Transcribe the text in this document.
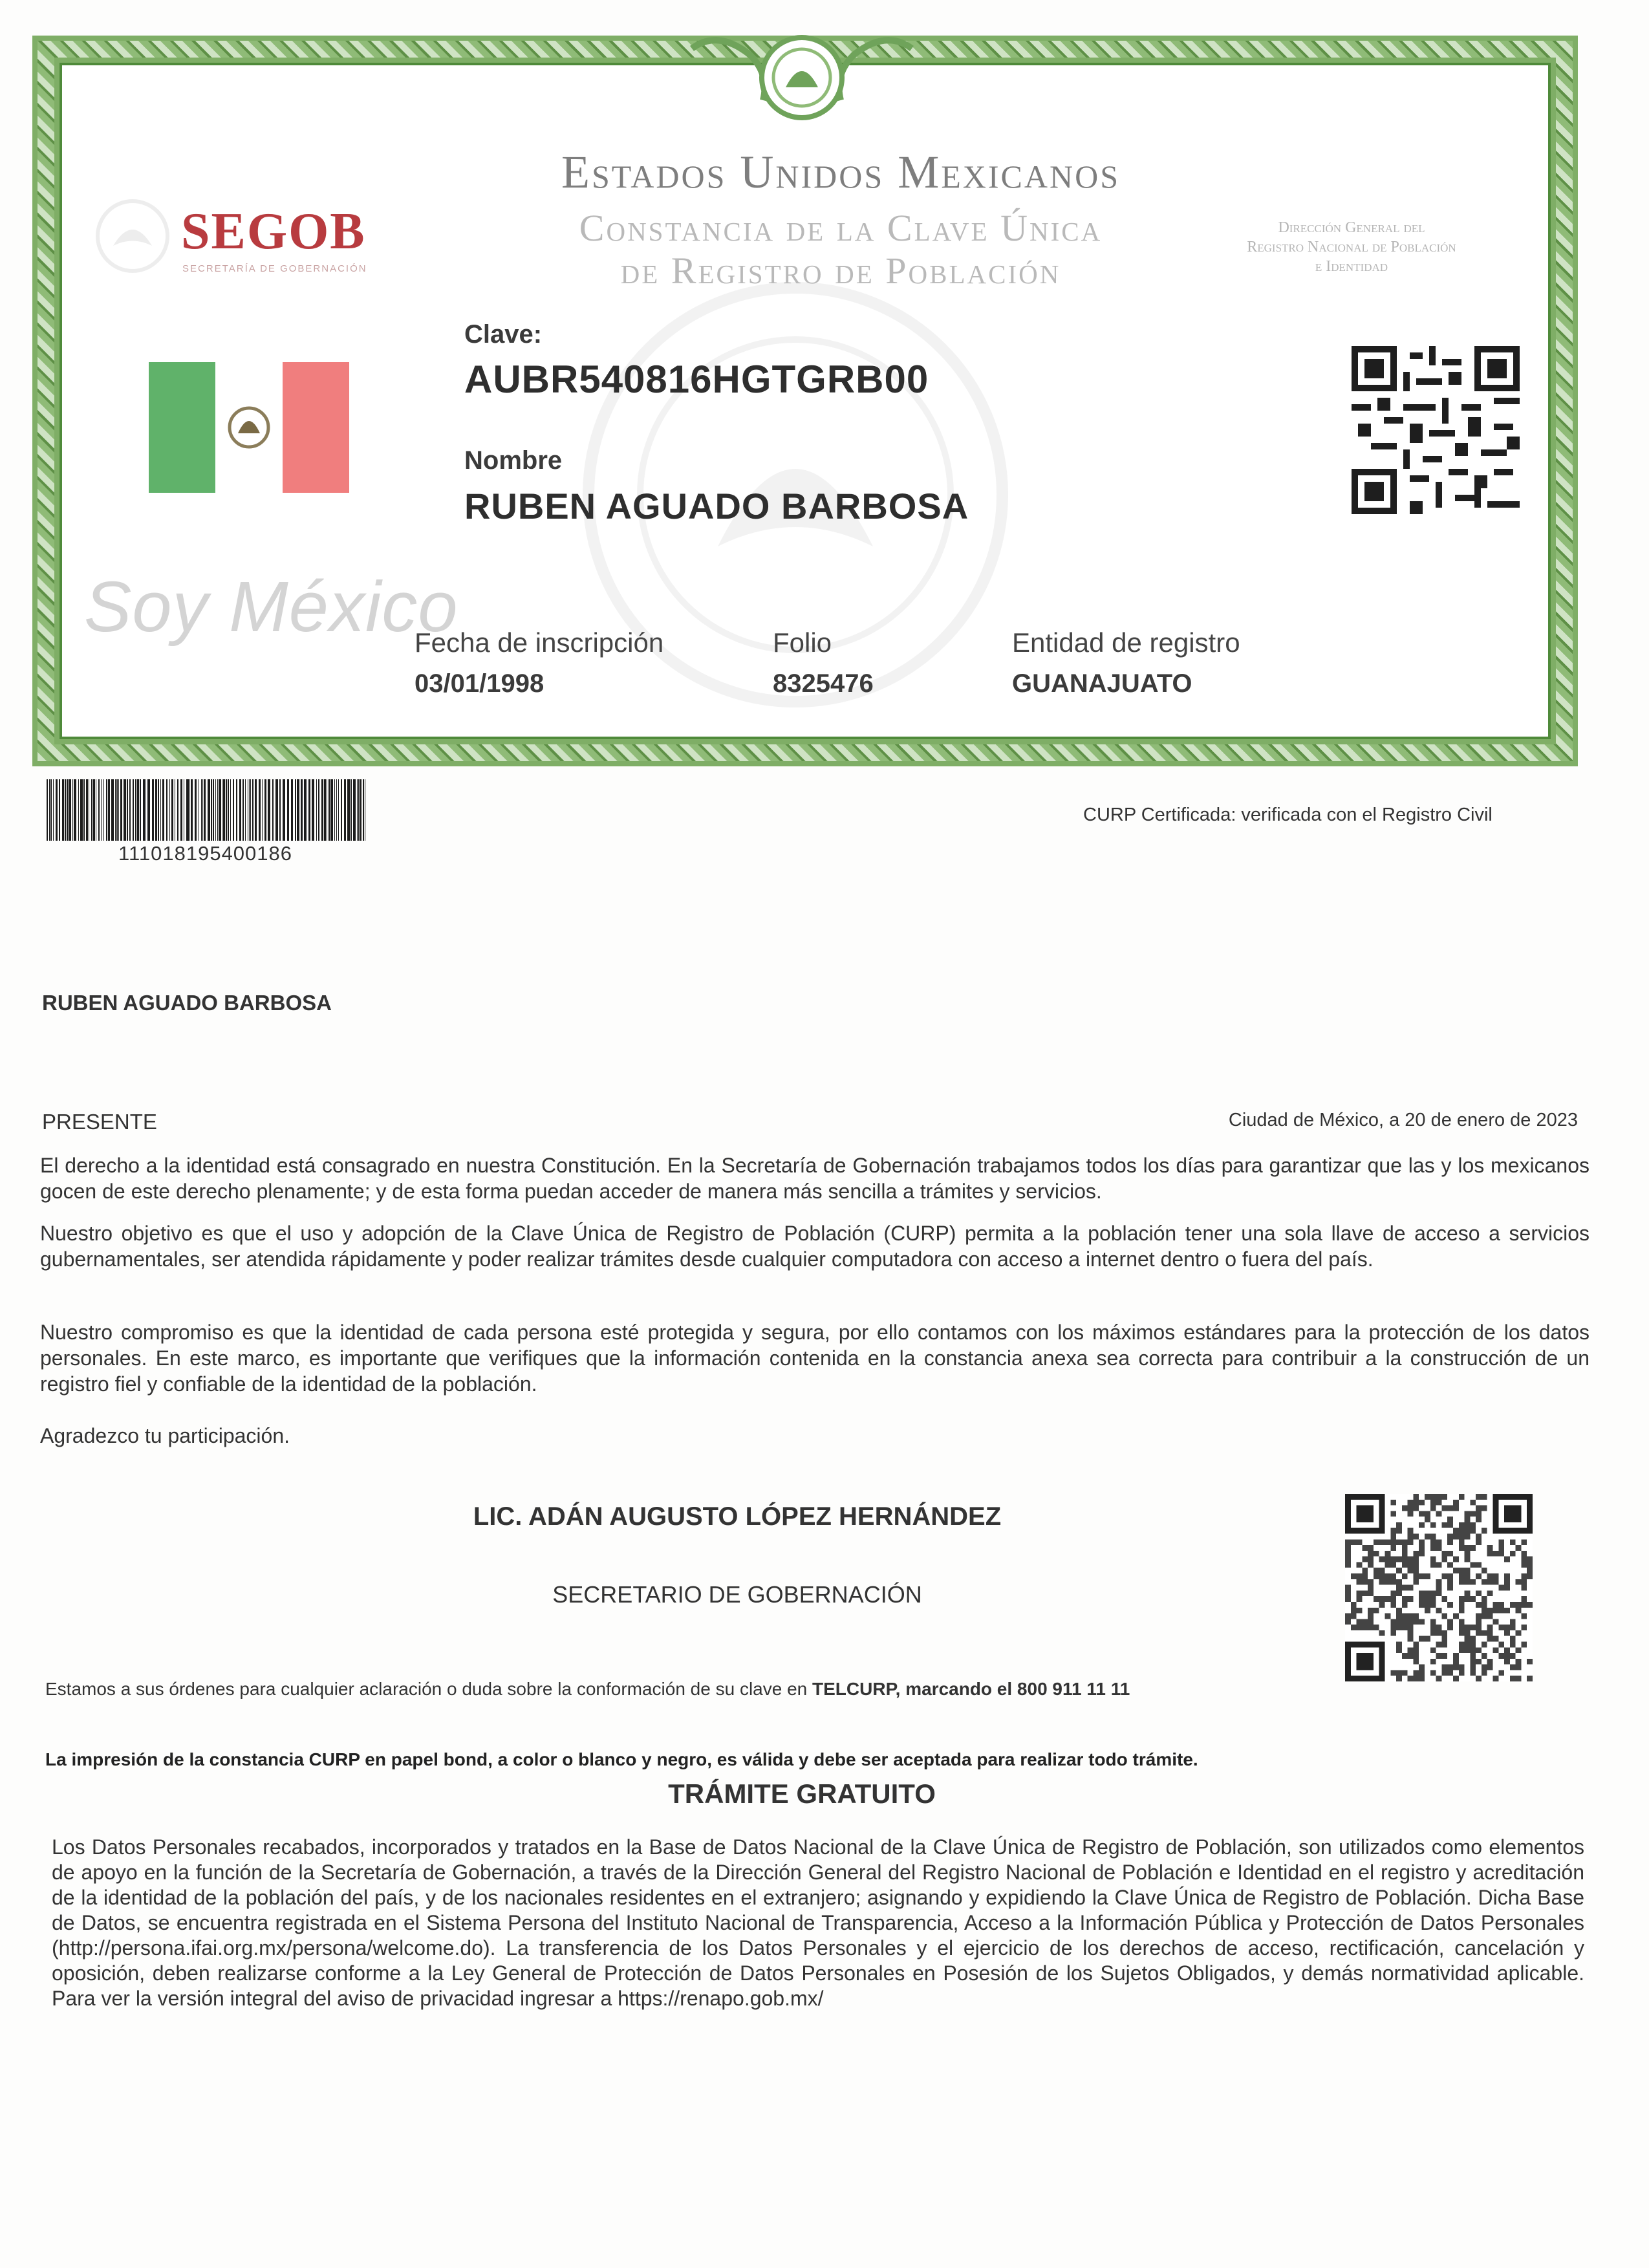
SEGOB
SECRETARÍA DE GOBERNACIÓN
Estados Unidos Mexicanos
Constancia de la Clave Única
de Registro de Población
Dirección General del
Registro Nacional de Población
e Identidad
Soy México
Clave:
AUBR540816HGTGRB00
Nombre
RUBEN AGUADO BARBOSA
Fecha de inscripción
03/01/1998
Folio
8325476
Entidad de registro
GUANAJUATO
111018195400186
CURP Certificada: verificada con el Registro Civil
RUBEN AGUADO BARBOSA
PRESENTE	Ciudad de México, a 20 de enero de 2023
El derecho a la identidad está consagrado en nuestra Constitución. En la Secretaría de Gobernación trabajamos todos los días para garantizar que las y los mexicanos gocen de este derecho plenamente; y de esta forma puedan acceder de manera más sencilla a trámites y servicios.
Nuestro objetivo es que el uso y adopción de la Clave Única de Registro de Población (CURP) permita a la población tener una sola llave de acceso a servicios gubernamentales, ser atendida rápidamente y poder realizar trámites desde cualquier computadora con acceso a internet dentro o fuera del país.
Nuestro compromiso es que la identidad de cada persona esté protegida y segura, por ello contamos con los máximos estándares para la protección de los datos personales. En este marco, es importante que verifiques que la información contenida en la constancia anexa sea correcta para contribuir a la construcción de un registro fiel y confiable de la identidad de la población.
Agradezco tu participación.
LIC. ADÁN AUGUSTO LÓPEZ HERNÁNDEZ
SECRETARIO DE GOBERNACIÓN
Estamos a sus órdenes para cualquier aclaración o duda sobre la conformación de su clave en TELCURP, marcando el 800 911 11 11
La impresión de la constancia CURP en papel bond, a color o blanco y negro, es válida y debe ser aceptada para realizar todo trámite.
TRÁMITE GRATUITO
Los Datos Personales recabados, incorporados y tratados en la Base de Datos Nacional de la Clave Única de Registro de Población, son utilizados como elementos de apoyo en la función de la Secretaría de Gobernación, a través de la Dirección General del Registro Nacional de Población e Identidad en el registro y acreditación de la identidad de la población del país, y de los nacionales residentes en el extranjero; asignando y expidiendo la Clave Única de Registro de Población. Dicha Base de Datos, se encuentra registrada en el Sistema Persona del Instituto Nacional de Transparencia, Acceso a la Información Pública y Protección de Datos Personales (http://persona.ifai.org.mx/persona/welcome.do). La transferencia de los Datos Personales y el ejercicio de los derechos de acceso, rectificación, cancelación y oposición, deben realizarse conforme a la Ley General de Protección de Datos Personales en Posesión de los Sujetos Obligados, y demás normatividad aplicable. Para ver la versión integral del aviso de privacidad ingresar a https://renapo.gob.mx/
